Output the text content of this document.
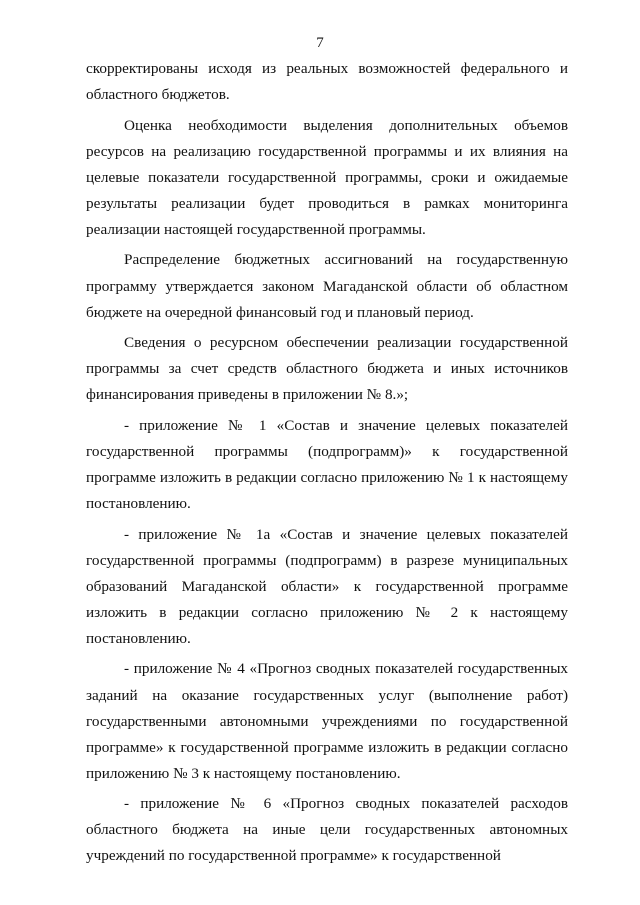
7

скорректированы исходя из реальных возможностей федерального и областного бюджетов.

Оценка необходимости выделения дополнительных объемов ресурсов на реализацию государственной программы и их влияния на целевые показатели государственной программы, сроки и ожидаемые результаты реализации будет проводиться в рамках мониторинга реализации настоящей государственной программы.

Распределение бюджетных ассигнований на государственную программу утверждается законом Магаданской области об областном бюджете на очередной финансовый год и плановый период.

Сведения о ресурсном обеспечении реализации государственной программы за счет средств областного бюджета и иных источников финансирования приведены в приложении № 8.»;

- приложение № 1 «Состав и значение целевых показателей государственной программы (подпрограмм)» к государственной программе изложить в редакции согласно приложению № 1 к настоящему постановлению.

- приложение № 1а «Состав и значение целевых показателей государственной программы (подпрограмм) в разрезе муниципальных образований Магаданской области» к государственной программе изложить в редакции согласно приложению № 2 к настоящему постановлению.

- приложение № 4 «Прогноз сводных показателей государственных заданий на оказание государственных услуг (выполнение работ) государственными автономными учреждениями по государственной программе» к государственной программе изложить в редакции согласно приложению № 3 к настоящему постановлению.

- приложение № 6 «Прогноз сводных показателей расходов областного бюджета на иные цели государственных автономных учреждений по государственной программе» к государственной
